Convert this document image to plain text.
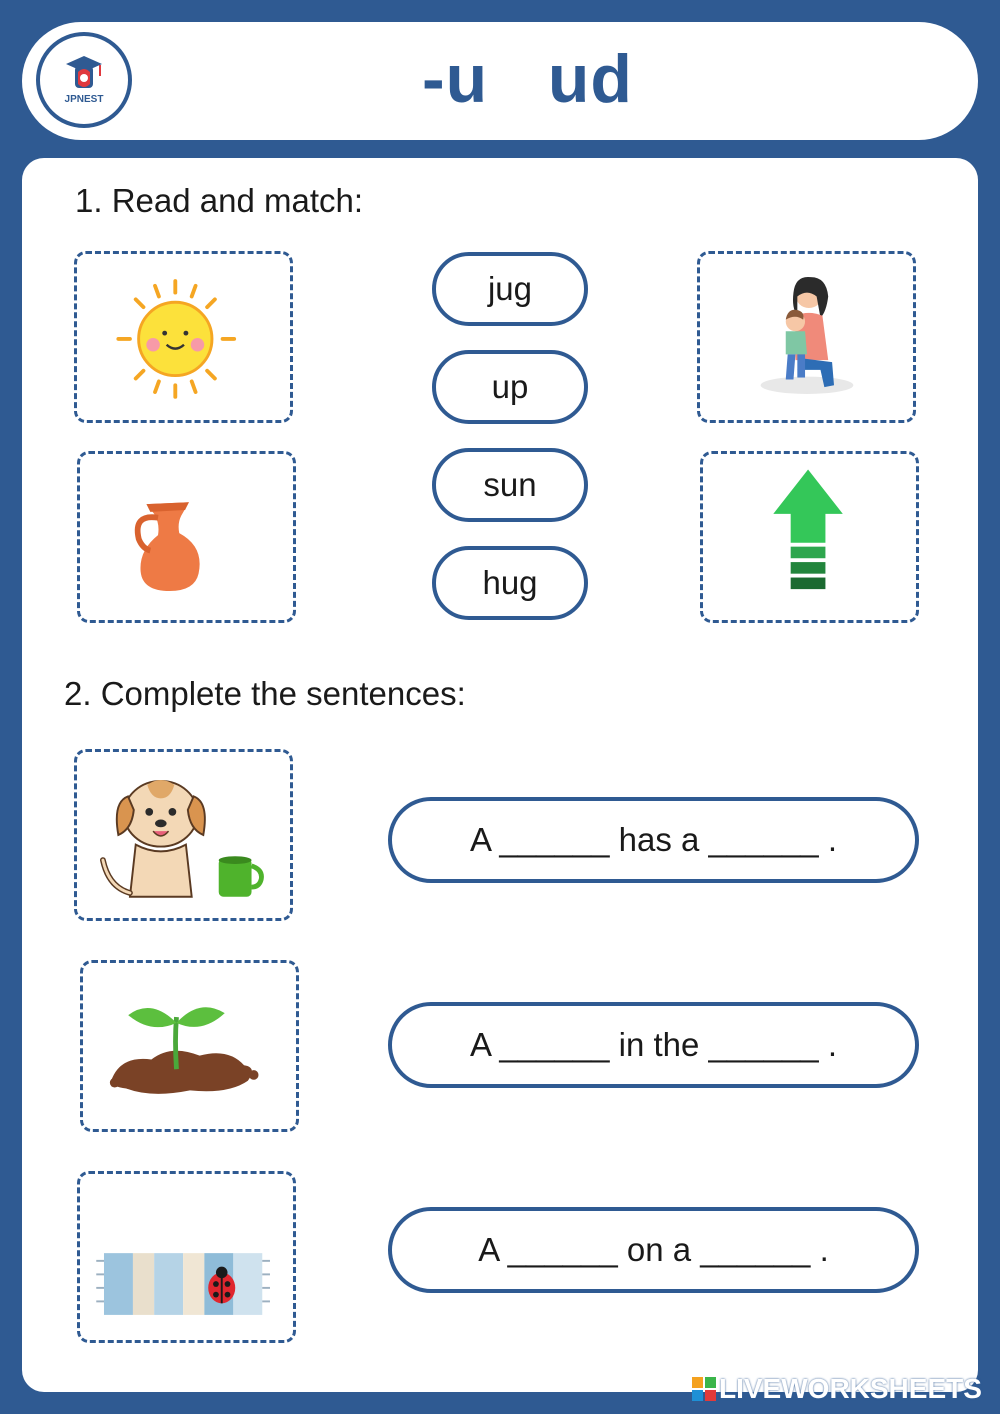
JPNEST	-u   ud
1. Read and match:
jug
up
sun
hug
2. Complete the sentences:
A ______ has a ______ .
A ______ in the ______ .
A ______ on a ______ .
LIVEWORKSHEETS
